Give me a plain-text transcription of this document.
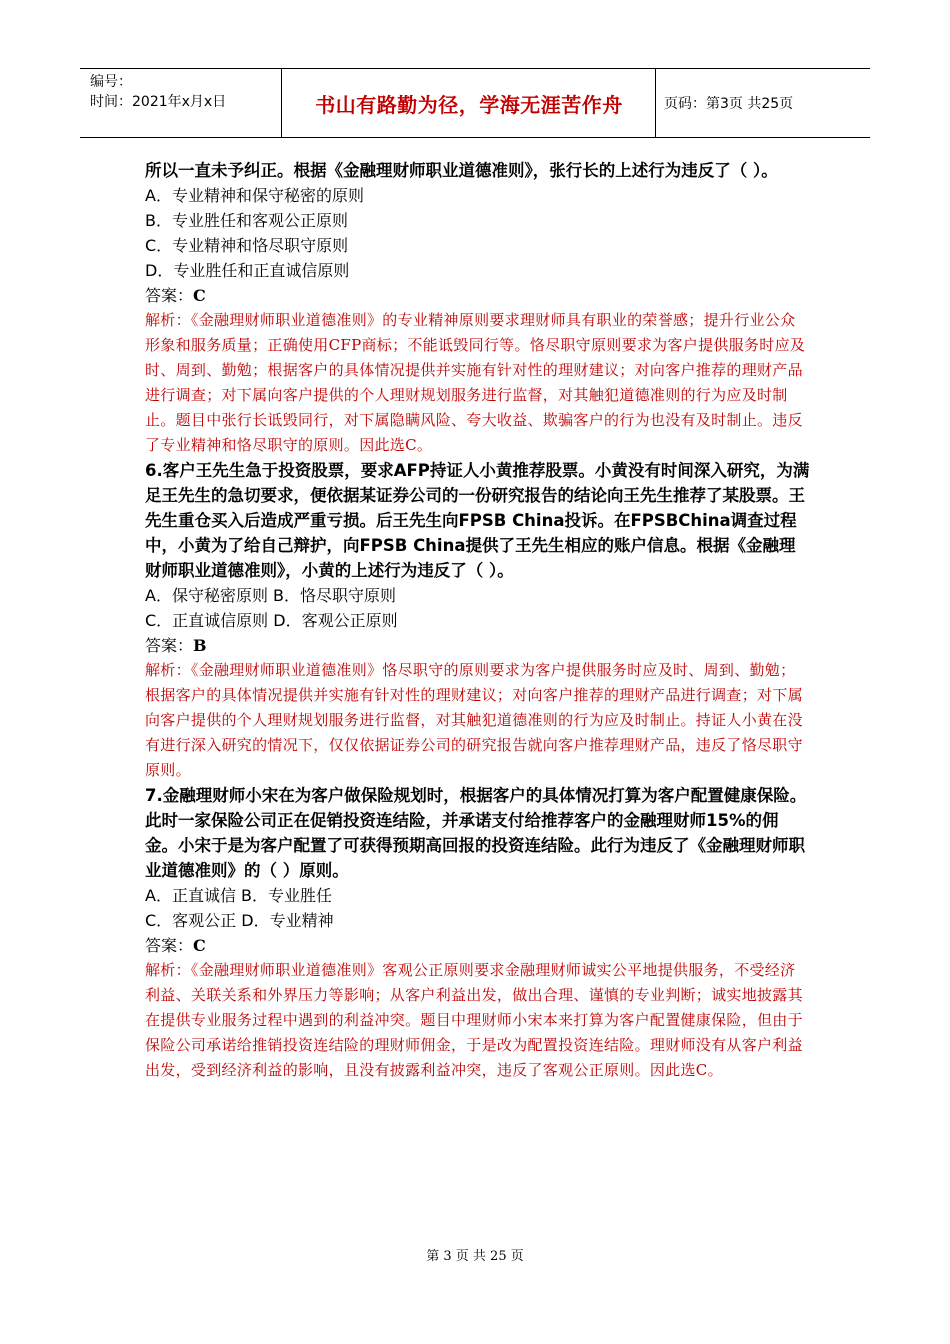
编号：
时间：2021年x月x日	书山有路勤为径，学海无涯苦作舟	页码：第3页 共25页

所以一直未予纠正。根据《金融理财师职业道德准则》，张行长的上述行为违反了（ ）。

A．专业精神和保守秘密的原则

B．专业胜任和客观公正原则

C．专业精神和恪尽职守原则

D．专业胜任和正直诚信原则

答案：C

解析：《金融理财师职业道德准则》的专业精神原则要求理财师具有职业的荣誉感；提升行业公众形象和服务质量；正确使用CFP商标；不能诋毁同行等。恪尽职守原则要求为客户提供服务时应及时、周到、勤勉；根据客户的具体情况提供并实施有针对性的理财建议；对向客户推荐的理财产品进行调查；对下属向客户提供的个人理财规划服务进行监督，对其触犯道德准则的行为应及时制止。题目中张行长诋毁同行，对下属隐瞒风险、夸大收益、欺骗客户的行为也没有及时制止。违反了专业精神和恪尽职守的原则。因此选C。

6.客户王先生急于投资股票，要求AFP持证人小黄推荐股票。小黄没有时间深入研究，为满足王先生的急切要求，便依据某证券公司的一份研究报告的结论向王先生推荐了某股票。王先生重仓买入后造成严重亏损。后王先生向FPSB China投诉。在FPSBChina调查过程中，小黄为了给自己辩护，向FPSB China提供了王先生相应的账户信息。根据《金融理财师职业道德准则》，小黄的上述行为违反了（ ）。

A．保守秘密原则 B．恪尽职守原则

C．正直诚信原则 D．客观公正原则

答案：B

解析：《金融理财师职业道德准则》恪尽职守的原则要求为客户提供服务时应及时、周到、勤勉；根据客户的具体情况提供并实施有针对性的理财建议；对向客户推荐的理财产品进行调查；对下属向客户提供的个人理财规划服务进行监督，对其触犯道德准则的行为应及时制止。持证人小黄在没有进行深入研究的情况下，仅仅依据证券公司的研究报告就向客户推荐理财产品，违反了恪尽职守原则。

7.金融理财师小宋在为客户做保险规划时，根据客户的具体情况打算为客户配置健康保险。此时一家保险公司正在促销投资连结险，并承诺支付给推荐客户的金融理财师15%的佣金。小宋于是为客户配置了可获得预期高回报的投资连结险。此行为违反了《金融理财师职业道德准则》的（ ）原则。

A．正直诚信 B．专业胜任

C．客观公正 D．专业精神

答案：C

解析：《金融理财师职业道德准则》客观公正原则要求金融理财师诚实公平地提供服务，不受经济利益、关联关系和外界压力等影响；从客户利益出发，做出合理、谨慎的专业判断；诚实地披露其在提供专业服务过程中遇到的利益冲突。题目中理财师小宋本来打算为客户配置健康保险，但由于保险公司承诺给推销投资连结险的理财师佣金，于是改为配置投资连结险。理财师没有从客户利益出发，受到经济利益的影响，且没有披露利益冲突，违反了客观公正原则。因此选C。

第 3 页 共 25 页
